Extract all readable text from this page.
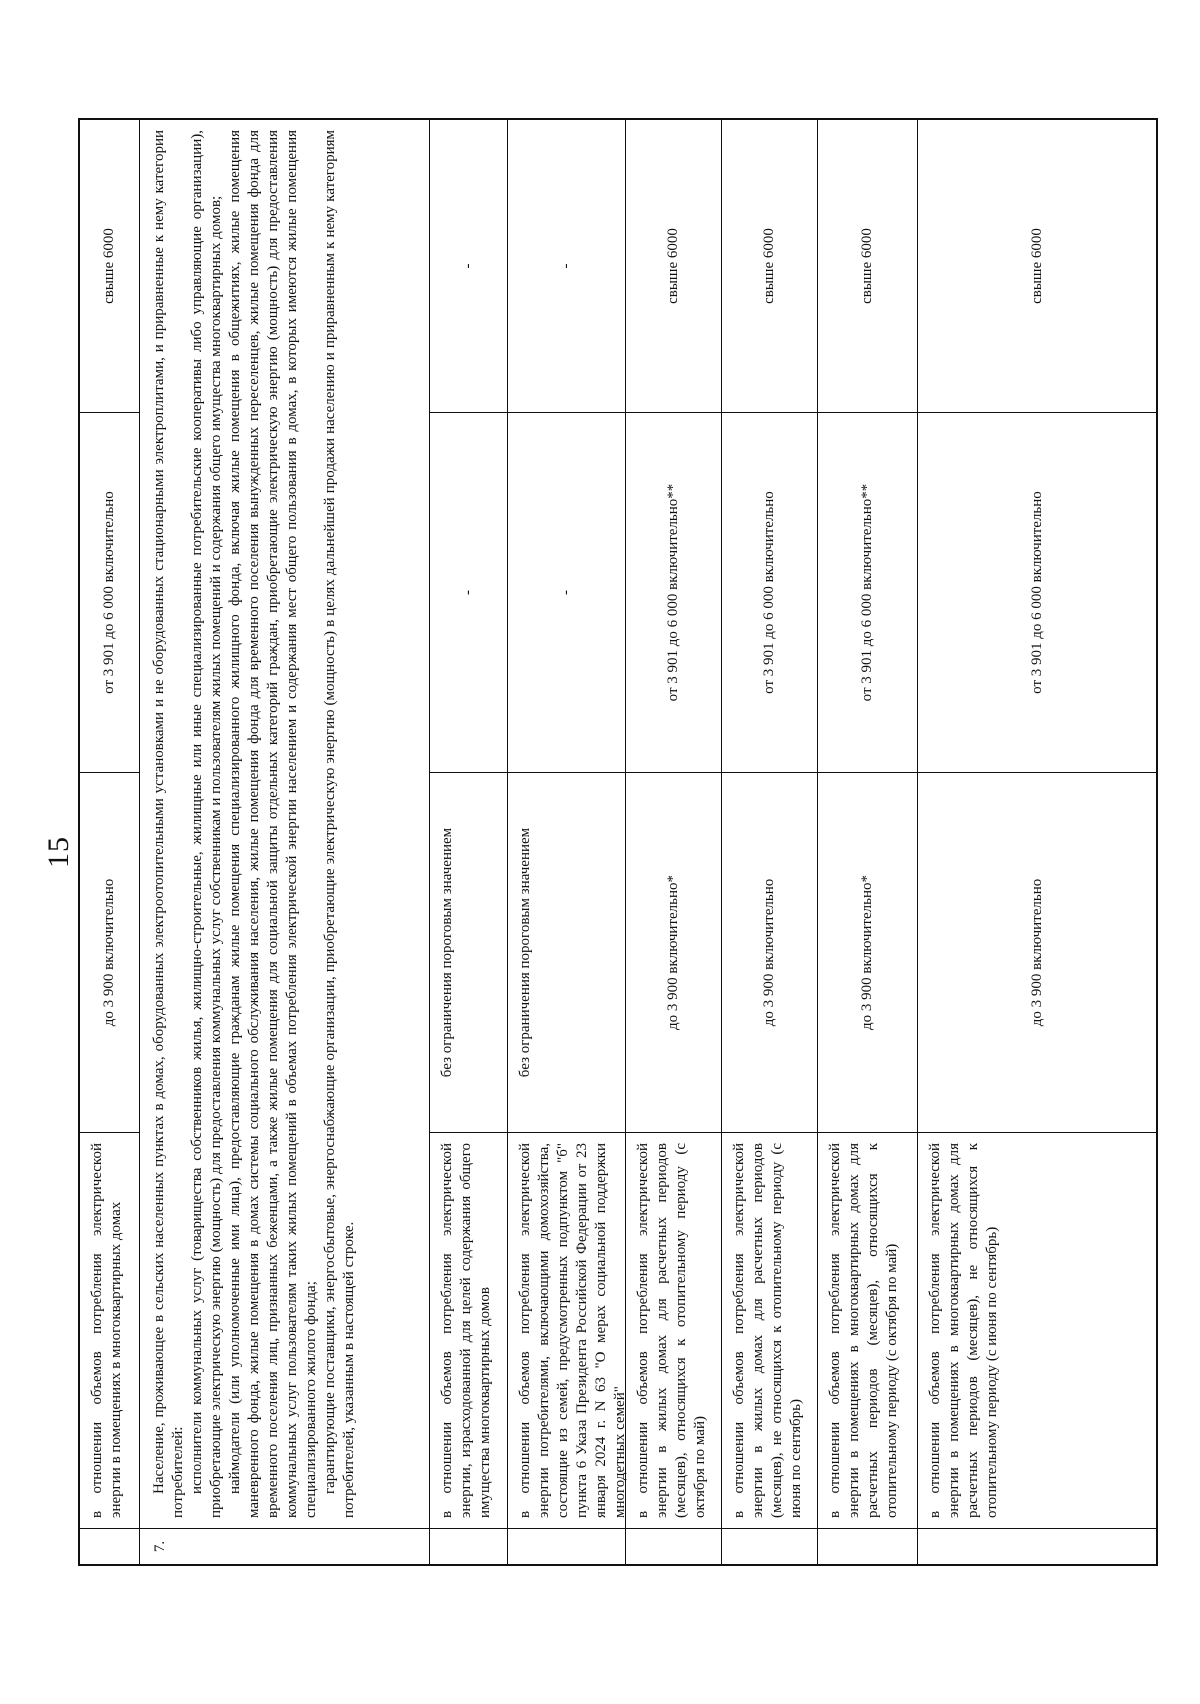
15
в отношении объемов потребления электрической энергии в помещениях в многоквартирных домах
до 3 900 включительно
от 3 901 до 6 000 включительно
свыше 6000
7.

Население, проживающее в сельских населенных пунктах в домах, оборудованных электроотопительными установками и не оборудованных стационарными электроплитами, и приравненные к нему категории потребителей: исполнители коммунальных услуг (товарищества собственников жилья, жилищно-строительные, жилищные или иные специализированные потребительские кооперативы либо управляющие организации), приобретающие электрическую энергию (мощность) для предоставления коммунальных услуг собственникам и пользователям жилых помещений и содержания общего имущества многоквартирных домов; наймодатели (или уполномоченные ими лица), предоставляющие гражданам жилые помещения специализированного жилищного фонда, включая жилые помещения в общежитиях, жилые помещения маневренного фонда, жилые помещения в домах системы социального обслуживания населения, жилые помещения фонда для временного поселения вынужденных переселенцев, жилые помещения фонда для временного поселения лиц, признанных беженцами, а также жилые помещения для социальной защиты отдельных категорий граждан, приобретающие электрическую энергию (мощность) для предоставления коммунальных услуг пользователям таких жилых помещений в объемах потребления электрической энергии населением и содержания мест общего пользования в домах, в которых имеются жилые помещения специализированного жилого фонда; гарантирующие поставщики, энергосбытовые, энергоснабжающие организации, приобретающие электрическую энергию (мощность) в целях дальнейшей продажи населению и приравненным к нему категориям потребителей, указанным в настоящей строке.	в отношении объемов потребления электрической энергии, израсходованной для целей содержания общего имущества многоквартирных домов
без ограничения пороговым значением
-
-
в отношении объемов потребления электрической энергии потребителями, включающими домохозяйства, состоящие из семей, предусмотренных подпунктом "б" пункта 6 Указа Президента Российской Федерации от 23 января 2024 г. N 63 "О мерах социальной поддержки многодетных семей"
без ограничения пороговым значением
-
-
в отношении объемов потребления электрической энергии в жилых домах для расчетных периодов (месяцев), относящихся к отопительному периоду (с октября по май)
до 3 900 включительно*
от 3 901 до 6 000 включительно**
свыше 6000
в отношении объемов потребления электрической энергии в жилых домах для расчетных периодов (месяцев), не относящихся к отопительному периоду (с июня по сентябрь)
до 3 900 включительно
от 3 901 до 6 000 включительно
свыше 6000
в отношении объемов потребления электрической энергии в помещениях в многоквартирных домах для расчетных периодов (месяцев), относящихся к отопительному периоду (с октября по май)
до 3 900 включительно*
от 3 901 до 6 000 включительно**
свыше 6000
в отношении объемов потребления электрической энергии в помещениях в многоквартирных домах для расчетных периодов (месяцев), не относящихся к отопительному периоду (с июня по сентябрь)
до 3 900 включительно
от 3 901 до 6 000 включительно
свыше 6000
